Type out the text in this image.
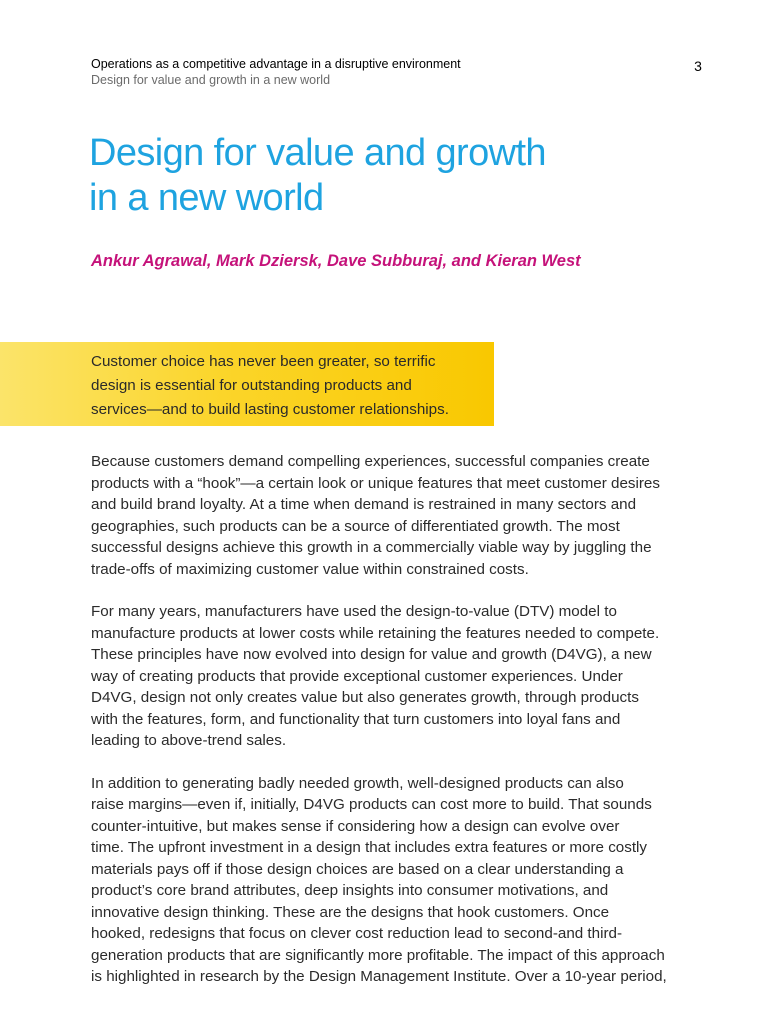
Operations as a competitive advantage in a disruptive environment
Design for value and growth in a new world
3
Design for value and growth
in a new world
Ankur Agrawal, Mark Dziersk, Dave Subburaj, and Kieran West
Customer choice has never been greater, so terrific
design is essential for outstanding products and
services—and to build lasting customer relationships.

Because customers demand compelling experiences, successful companies create
products with a “hook”—a certain look or unique features that meet customer desires
and build brand loyalty. At a time when demand is restrained in many sectors and
geographies, such products can be a source of differentiated growth. The most
successful designs achieve this growth in a commercially viable way by juggling the
trade-offs of maximizing customer value within constrained costs.

For many years, manufacturers have used the design-to-value (DTV) model to
manufacture products at lower costs while retaining the features needed to compete.
These principles have now evolved into design for value and growth (D4VG), a new
way of creating products that provide exceptional customer experiences. Under
D4VG, design not only creates value but also generates growth, through products
with the features, form, and functionality that turn customers into loyal fans and
leading to above-trend sales.

In addition to generating badly needed growth, well-designed products can also
raise margins—even if, initially, D4VG products can cost more to build. That sounds
counter-intuitive, but makes sense if considering how a design can evolve over
time. The upfront investment in a design that includes extra features or more costly
materials pays off if those design choices are based on a clear understanding a
product’s core brand attributes, deep insights into consumer motivations, and
innovative design thinking. These are the designs that hook customers. Once
hooked, redesigns that focus on clever cost reduction lead to second-and third-
generation products that are significantly more profitable. The impact of this approach
is highlighted in research by the Design Management Institute. Over a 10-year period,
